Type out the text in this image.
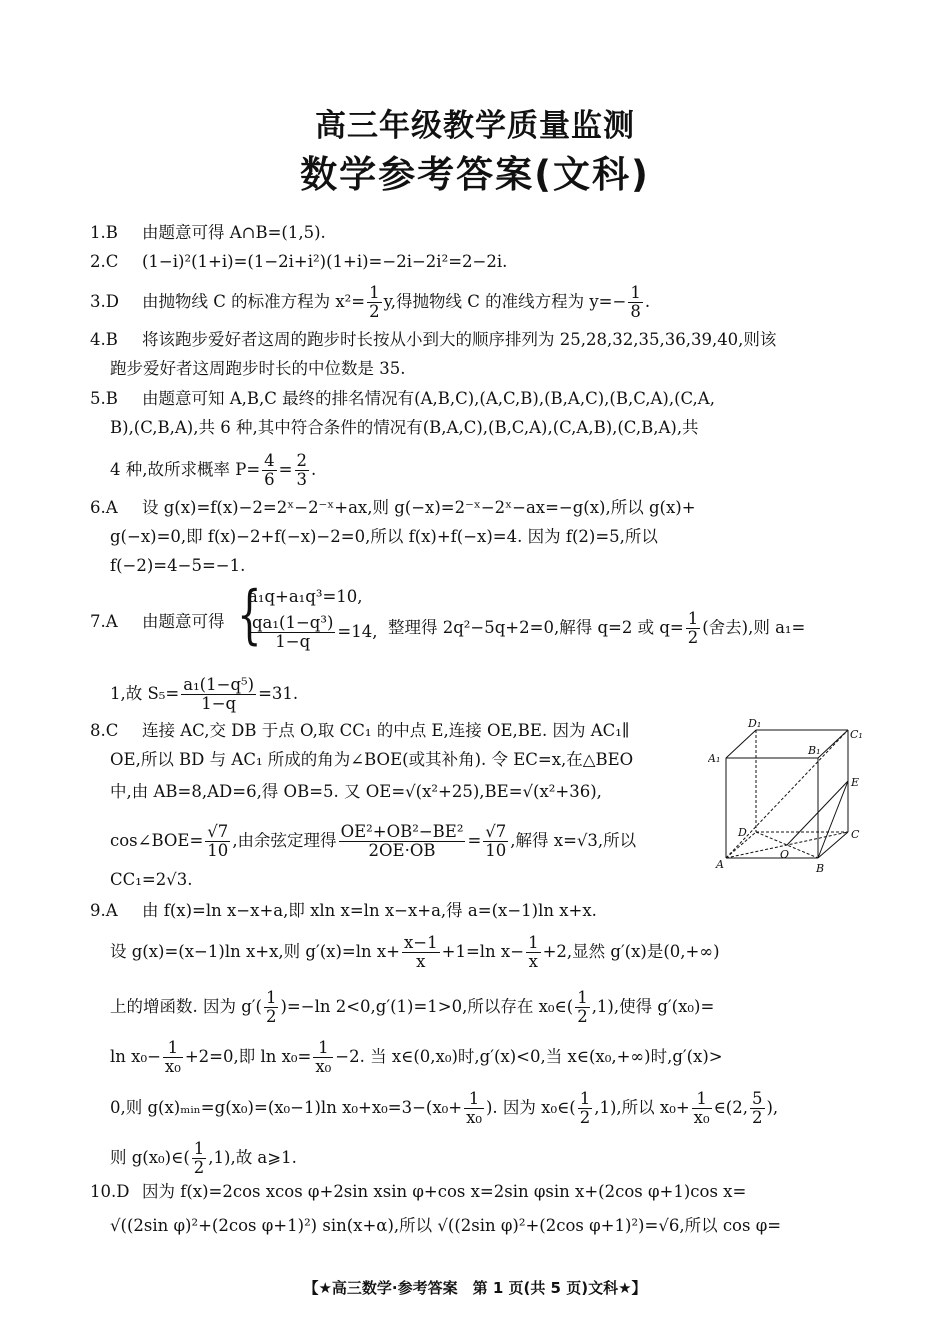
高三年级教学质量监测
数学参考答案(文科)
1.B 由题意可得 A∩B=(1,5).
2.C (1−i)²(1+i)=(1−2i+i²)(1+i)=−2i−2i²=2−2i.
3.D 由抛物线 C 的标准方程为 $x^2= \frac{1}{2} y$,得抛物线 C 的准线方程为 $y=- \frac{1}{8}$ .
4.B 将该跑步爱好者这周的跑步时长按从小到大的顺序排列为 25,28,32,35,36,39,40,则该
跑步爱好者这周跑步时长的中位数是 35.
5.B 由题意可知 A,B,C 最终的排名情况有(A,B,C),(A,C,B),(B,A,C),(B,C,A),(C,A,
B),(C,B,A),共 6 种,其中符合条件的情况有(B,A,C),(B,C,A),(C,A,B),(C,B,A),共
4 种,故所求概率 $P= \frac{4}{6} = \frac{2}{3}$ .
6.A 设 g(x)=f(x)−2=2ˣ−2⁻ˣ+ax,则 g(−x)=2⁻ˣ−2ˣ−ax=−g(x),所以 g(x)+
g(−x)=0,即 f(x)−2+f(−x)−2=0,所以 f(x)+f(−x)=4. 因为 f(2)=5,所以
f(−2)=4−5=−1.
7.A 由题意可得 {
a₁q+a₁q³=10,
$\frac{\text{qa₁(1−q³)}}{1-q} =14$, 整理得 2q²−5q+2=0,解得 q=2 或 $q= \frac{1}{2}$ (舍去),则 a₁=
1,故 $S_5= \frac{\text{a₁(1−q⁵)}}{1-q} =31$.
8.C 连接 AC,交 DB 于点 O,取 CC₁ 的中点 E,连接 OE,BE. 因为 AC₁∥
OE,所以 BD 与 AC₁ 所成的角为∠BOE(或其补角). 令 EC=x,在△BEO
中,由 AB=8,AD=6,得 OB=5. 又 OE=√(x²+25),BE=√(x²+36),
cos∠BOE= $\frac{√7}{10}$ ,由余弦定理得 $\frac{\text{OE²+OB²−BE²}}{2OE\cdot OB} = \frac{√7}{10}$ ,解得 x=√3,所以
CC₁=2√3.
D₁
C₁
B₁
A₁
E
D	C
O
A	B
9.A 由 f(x)=ln x−x+a,即 xln x=ln x−x+a,得 a=(x−1)ln x+x.
设 g(x)=(x−1)ln x+x,则 g′(x)=ln $x+ \frac{x-1}{x} +1=\ln$ $x- \frac{1}{x} +2$,显然 g′(x)是(0,+∞)
上的增函数. 因为 $g'( \frac{1}{2} )=-\ln$ 2<0,g′(1)=1>0,所以存在 x₀∈( $\frac{1}{2} ,1$),使得 g′(x₀)=
$\ln x_0- \frac{1}{\text{x₀}} +2=0$,即 $\ln x_0= \frac{1}{\text{x₀}} -2$. 当 x∈(0,x₀)时,g′(x)<0,当 x∈(x₀,+∞)时,g′(x)>
0,则 g(x)ₘᵢₙ=g(x₀)=(x₀−1)ln $x_0+x_0=3-(x_0+ \frac{1}{\text{x₀}}$ ). 因为 x₀∈( $\frac{1}{2} ,1$),所以 $x_0+ \frac{1}{\text{x₀}}$ ∈(2, $\frac{5}{2}$ ),
则 g(x₀)∈( $\frac{1}{2} ,1$),故 a⩾1.
10.D 因为 f(x)=2cos xcos φ+2sin xsin φ+cos x=2sin φsin x+(2cos φ+1)cos x=
√((2sin φ)²+(2cos φ+1)²) sin(x+α),所以 √((2sin φ)²+(2cos φ+1)²)=√6,所以 cos φ=
【★高三数学·参考答案　第 1 页(共 5 页)文科★】
